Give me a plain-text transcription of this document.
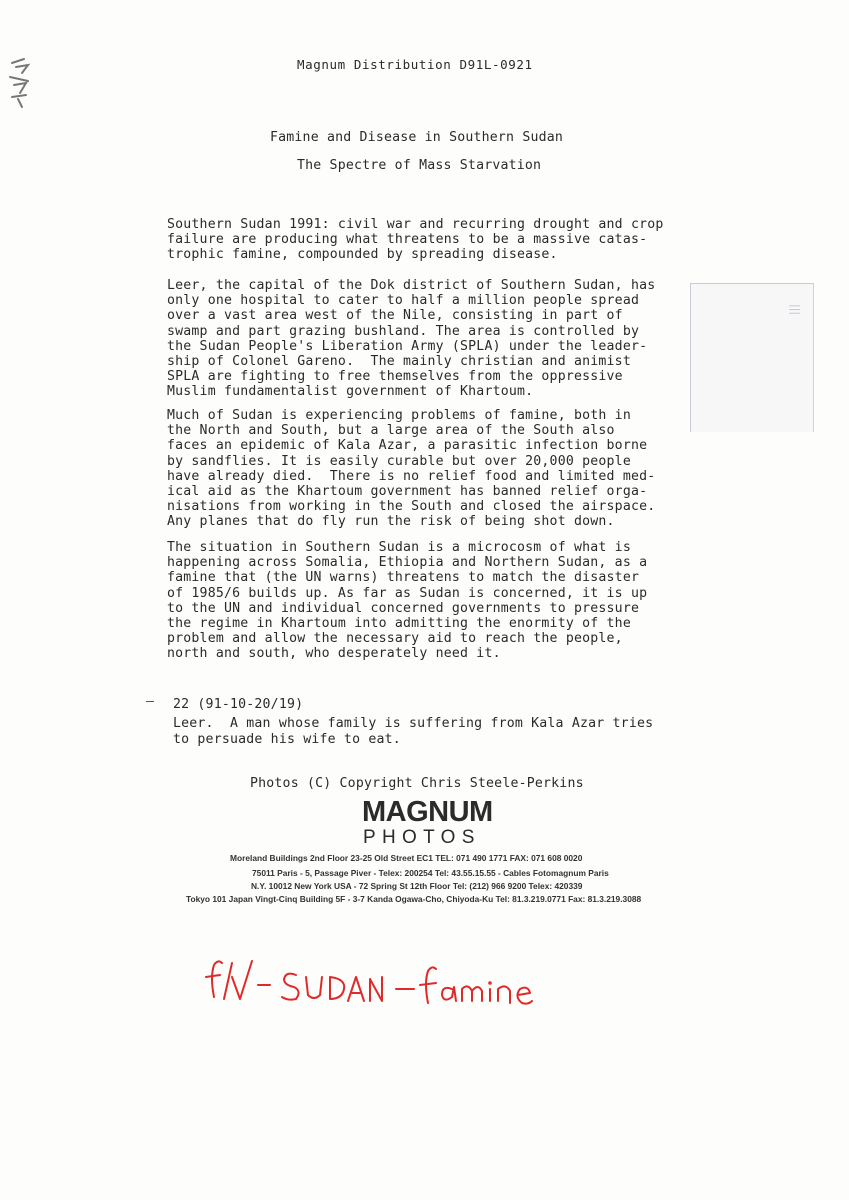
Magnum Distribution D91L-0921
Famine and Disease in Southern Sudan
The Spectre of Mass Starvation
|||
Southern Sudan 1991: civil war and recurring drought and crop
failure are producing what threatens to be a massive catas-
trophic famine, compounded by spreading disease.
Leer, the capital of the Dok district of Southern Sudan, has
only one hospital to cater to half a million people spread
over a vast area west of the Nile, consisting in part of
swamp and part grazing bushland. The area is controlled by
the Sudan People's Liberation Army (SPLA) under the leader-
ship of Colonel Gareno.  The mainly christian and animist
SPLA are fighting to free themselves from the oppressive
Muslim fundamentalist government of Khartoum.
Much of Sudan is experiencing problems of famine, both in
the North and South, but a large area of the South also
faces an epidemic of Kala Azar, a parasitic infection borne
by sandflies. It is easily curable but over 20,000 people
have already died.  There is no relief food and limited med-
ical aid as the Khartoum government has banned relief orga-
nisations from working in the South and closed the airspace.
Any planes that do fly run the risk of being shot down.
The situation in Southern Sudan is a microcosm of what is
happening across Somalia, Ethiopia and Northern Sudan, as a
famine that (the UN warns) threatens to match the disaster
of 1985/6 builds up. As far as Sudan is concerned, it is up
to the UN and individual concerned governments to pressure
the regime in Khartoum into admitting the enormity of the
problem and allow the necessary aid to reach the people,
north and south, who desperately need it.
22 (91-10-20/19)
Leer.  A man whose family is suffering from Kala Azar tries
to persuade his wife to eat.
Photos (C) Copyright Chris Steele-Perkins
MAGNUM
PHOTOS
Moreland Buildings 2nd Floor 23-25 Old Street EC1 TEL: 071 490 1771 FAX: 071 608 0020
75011 Paris - 5, Passage Piver - Telex: 200254 Tel: 43.55.15.55 - Cables Fotomagnum Paris
N.Y. 10012 New York USA - 72 Spring St 12th Floor Tel: (212) 966 9200 Telex: 420339
Tokyo 101 Japan Vingt-Cinq Building 5F - 3-7 Kanda Ogawa-Cho, Chiyoda-Ku Tel: 81.3.219.0771 Fax: 81.3.219.3088
